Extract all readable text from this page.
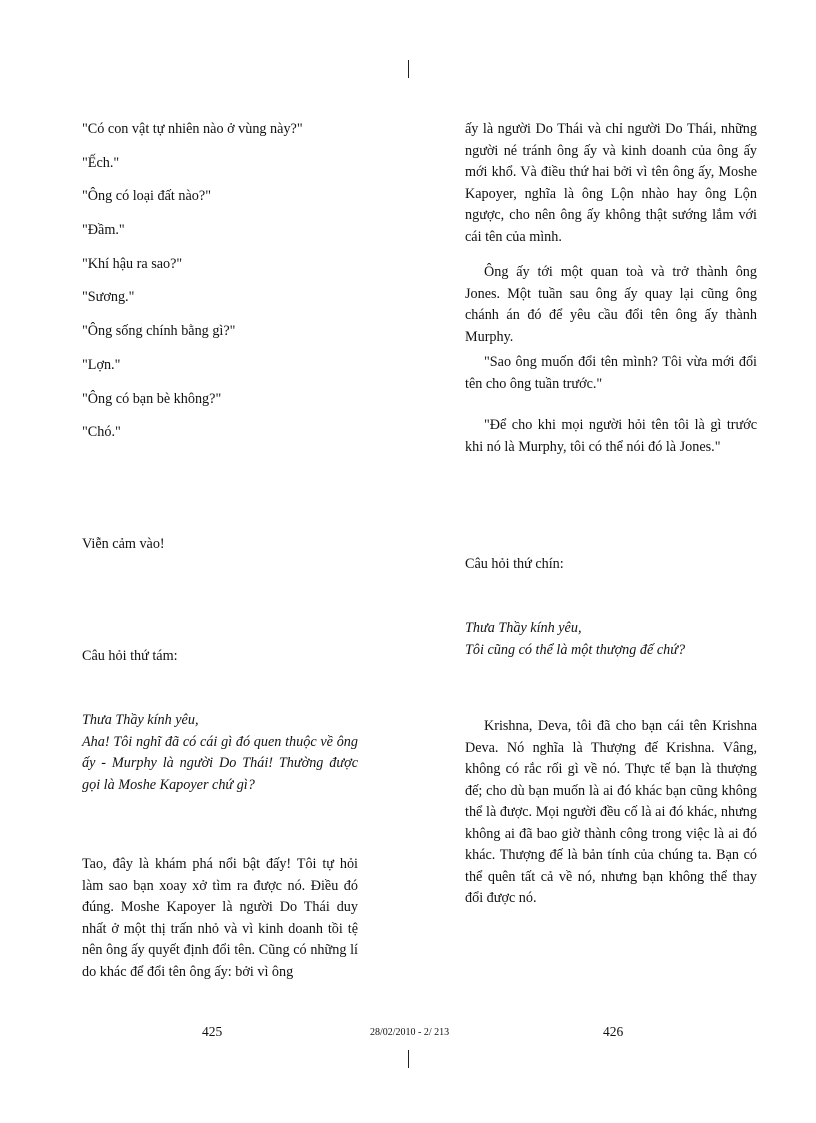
"Có con vật tự nhiên nào ở vùng này?"

"Ếch."

"Ông có loại đất nào?"

"Đầm."

"Khí hậu ra sao?"

"Sương."

"Ông sống chính bằng gì?"

"Lợn."

"Ông có bạn bè không?"

"Chó."

Viễn cảm vào!
Câu hỏi thứ tám:

Thưa Thầy kính yêu,

Aha! Tôi nghĩ đã có cái gì đó quen thuộc về ông ấy - Murphy là người Do Thái! Thường được gọi là Moshe Kapoyer chứ gì?

Tao, đây là khám phá nổi bật đấy! Tôi tự hỏi làm sao bạn xoay xở tìm ra được nó. Điều đó đúng. Moshe Kapoyer là người Do Thái duy nhất ở một thị trấn nhỏ và vì kinh doanh tồi tệ nên ông ấy quyết định đổi tên. Cũng có những lí do khác để đổi tên ông ấy: bởi vì ông
ấy là người Do Thái và chỉ người Do Thái, những người né tránh ông ấy và kinh doanh của ông ấy mới khổ. Và điều thứ hai bởi vì tên ông ấy, Moshe Kapoyer, nghĩa là ông Lộn nhào hay ông Lộn ngược, cho nên ông ấy không thật sướng lắm với cái tên của mình.
Ông ấy tới một quan toà và trở thành ông Jones. Một tuần sau ông ấy quay lại cũng ông chánh án đó để yêu cầu đổi tên ông ấy thành Murphy.
"Sao ông muốn đổi tên mình? Tôi vừa mới đổi tên cho ông tuần trước."
"Để cho khi mọi người hỏi tên tôi là gì trước khi nó là Murphy, tôi có thể nói đó là Jones."
Câu hỏi thứ chín:

Thưa Thầy kính yêu,

Tôi cũng có thể là một thượng đế chứ?

Krishna, Deva, tôi đã cho bạn cái tên Krishna Deva. Nó nghĩa là Thượng đế Krishna. Vâng, không có rắc rối gì về nó. Thực tế bạn là thượng đế; cho dù bạn muốn là ai đó khác bạn cũng không thể là được. Mọi người đều cố là ai đó khác, nhưng không ai đã bao giờ thành công trong việc là ai đó khác. Thượng đế là bản tính của chúng ta. Bạn có thể quên tất cả về nó, nhưng bạn không thể thay đổi được nó.
425	28/02/2010 - 2/ 213	426
